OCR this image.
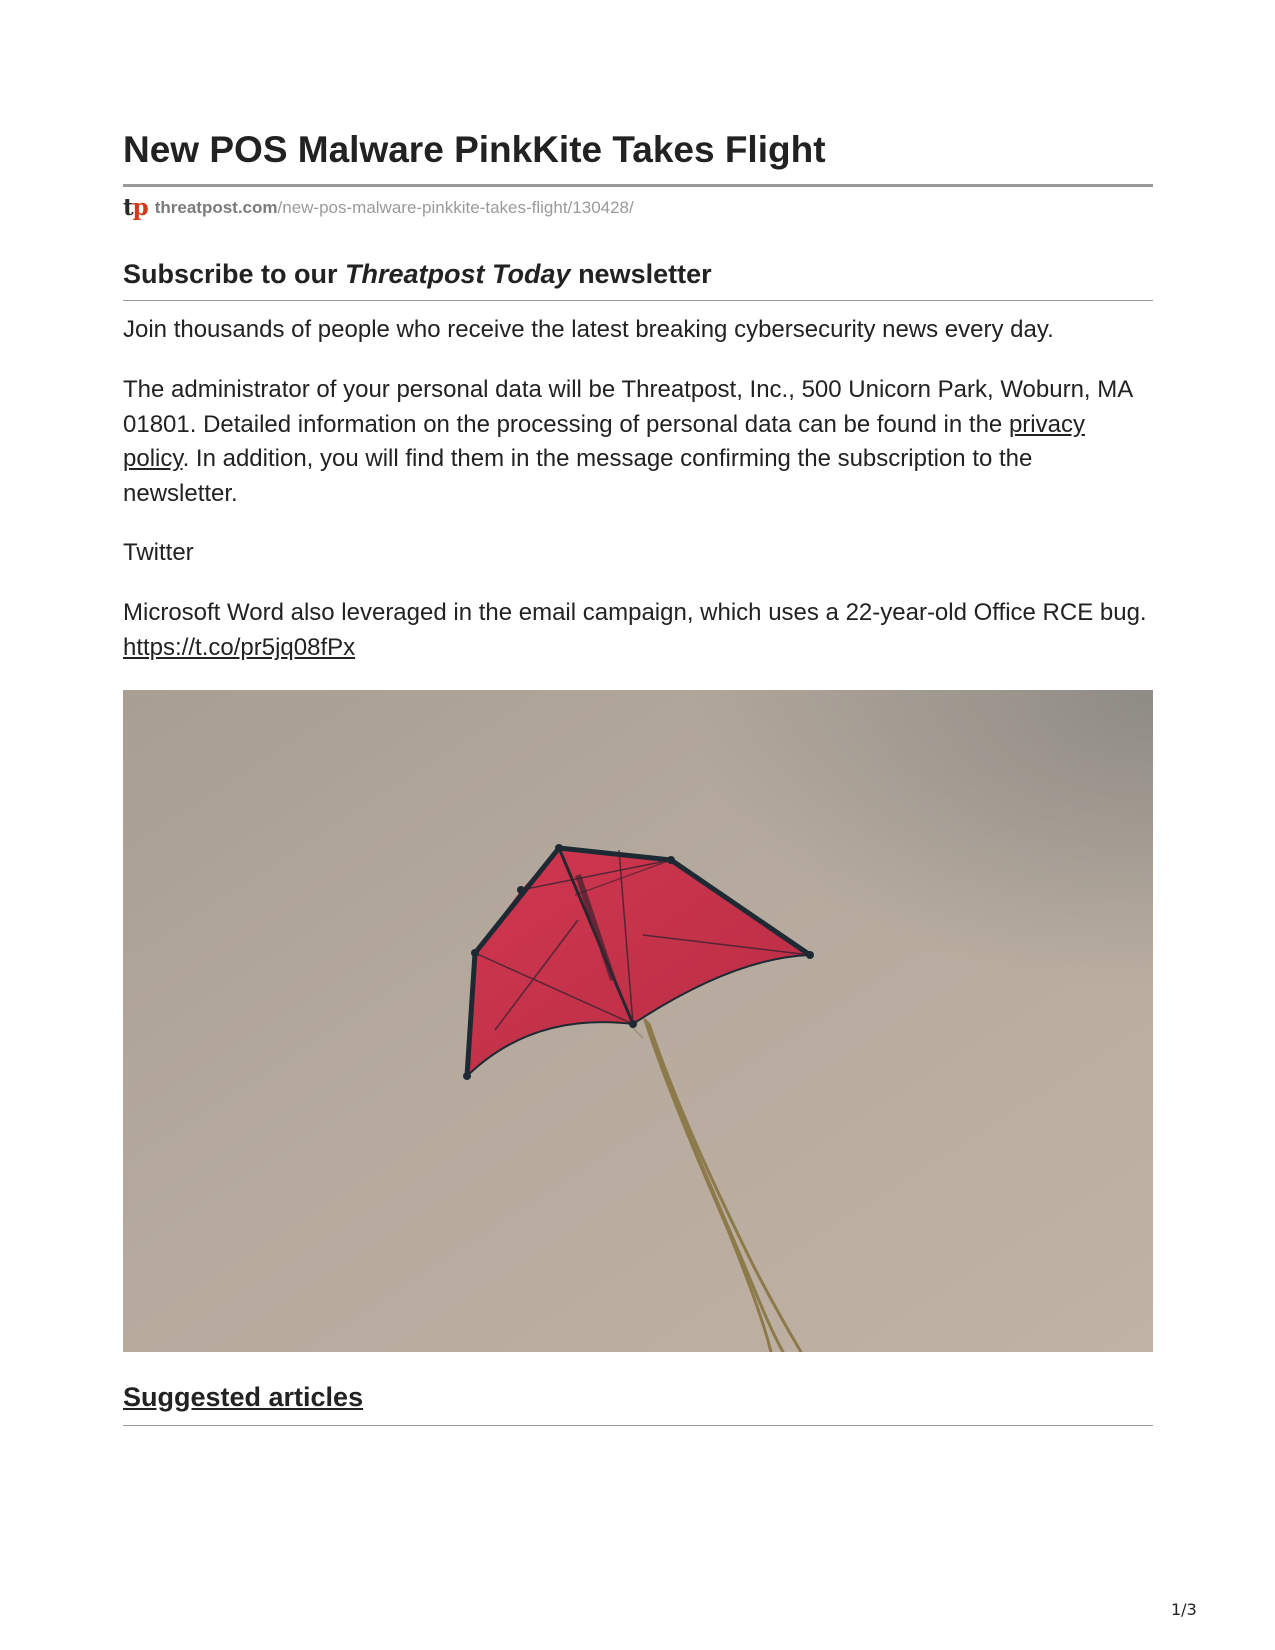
New POS Malware PinkKite Takes Flight
tp threatpost.com /new-pos-malware-pinkkite-takes-flight/130428/
Subscribe to our Threatpost Today newsletter

Join thousands of people who receive the latest breaking cybersecurity news every day.

The administrator of your personal data will be Threatpost, Inc., 500 Unicorn Park, Woburn, MA 01801. Detailed information on the processing of personal data can be found in the privacy policy. In addition, you will find them in the message confirming the subscription to the newsletter.

Twitter

Microsoft Word also leveraged in the email campaign, which uses a 22-year-old Office RCE bug. https://t.co/pr5jq08fPx

Suggested articles
1/3
